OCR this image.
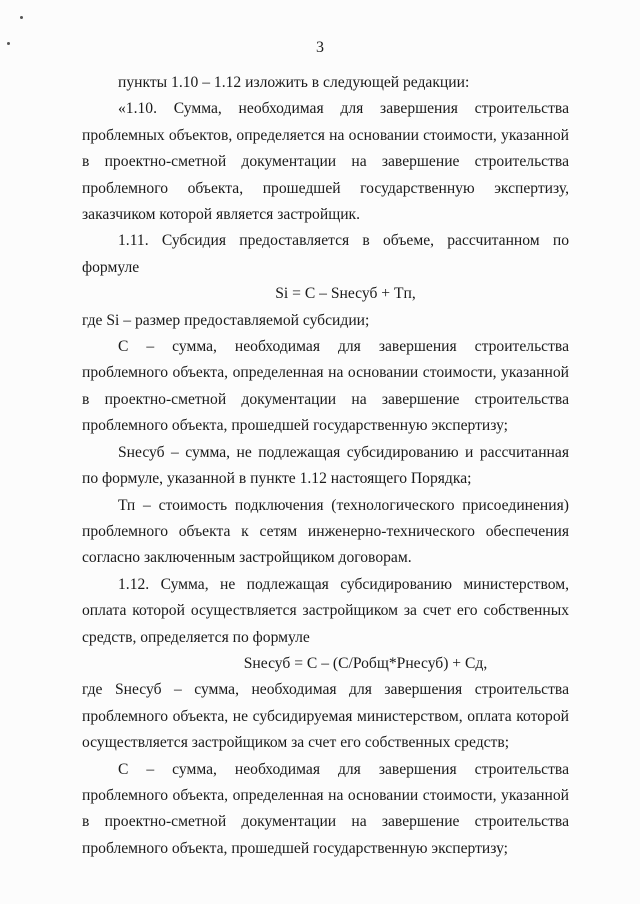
3

пункты 1.10 – 1.12 изложить в следующей редакции:

«1.10. Сумма, необходимая для завершения строительства проблемных объектов, определяется на основании стоимости, указанной в проектно-сметной документации на завершение строительства проблемного объекта, прошедшей государственную экспертизу, заказчиком которой является застройщик.

1.11. Субсидия предоставляется в объеме, рассчитанном по формуле

Si = C – Sнесуб + Tп,

где Si – размер предоставляемой субсидии;

С – сумма, необходимая для завершения строительства проблемного объекта, определенная на основании стоимости, указанной в проектно-сметной документации на завершение строительства проблемного объекта, прошедшей государственную экспертизу;

Sнесуб – сумма, не подлежащая субсидированию и рассчитанная по формуле, указанной в пункте 1.12 настоящего Порядка;

Тп – стоимость подключения (технологического присоединения) проблемного объекта к сетям инженерно-технического обеспечения согласно заключенным застройщиком договорам.

1.12. Сумма, не подлежащая субсидированию министерством, оплата которой осуществляется застройщиком за счет его собственных средств, определяется по формуле

Sнесуб = С – (С/Робщ*Рнесуб) + Сд,

где Sнесуб – сумма, необходимая для завершения строительства проблемного объекта, не субсидируемая министерством, оплата которой осуществляется застройщиком за счет его собственных средств;

С – сумма, необходимая для завершения строительства проблемного объекта, определенная на основании стоимости, указанной в проектно-сметной документации на завершение строительства проблемного объекта, прошедшей государственную экспертизу;
